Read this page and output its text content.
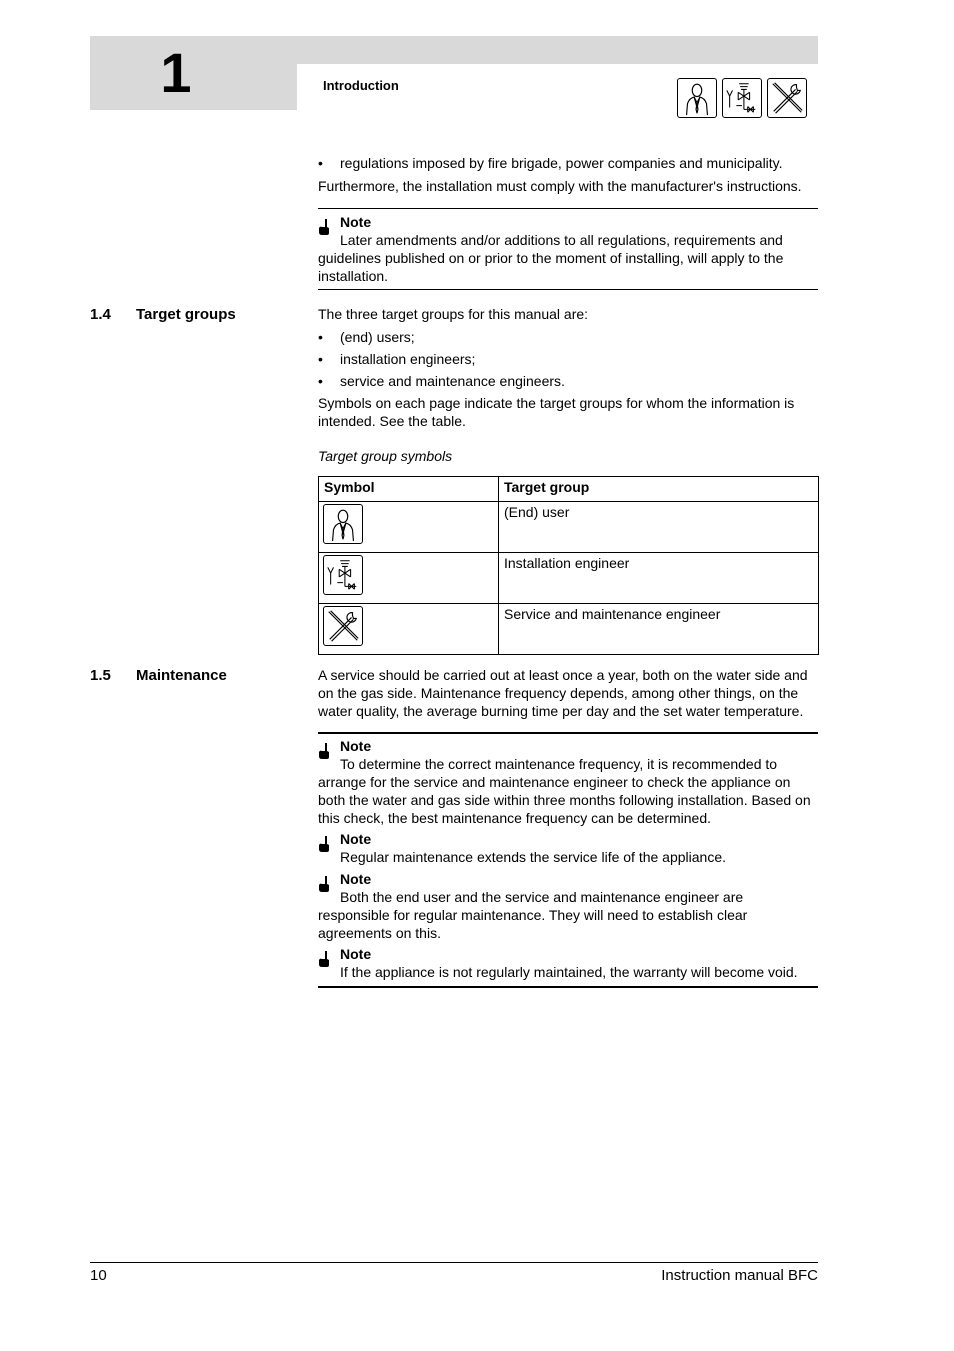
1	Introduction
•	regulations imposed by fire brigade, power companies and municipality.

Furthermore, the installation must comply with the manufacturer's instructions.

Note
Later amendments and/or additions to all regulations, requirements and guidelines published on or prior to the moment of installing, will apply to the installation.
1.4 Target groups	The three target groups for this manual are:

•	(end) users;
•	installation engineers;
•	service and maintenance engineers.

Symbols on each page indicate the target groups for whom the information is intended. See the table.

Target group symbols

Symbol	Target group

	(End) user

	Installation engineer

	Service and maintenance engineer
1.5 Maintenance	A service should be carried out at least once a year, both on the water side and on the gas side. Maintenance frequency depends, among other things, on the water quality, the average burning time per day and the set water temperature.
Note
To determine the correct maintenance frequency, it is recommended to arrange for the service and maintenance engineer to check the appliance on both the water and gas side within three months following installation. Based on this check, the best maintenance frequency can be determined.
Note
Regular maintenance extends the service life of the appliance.
Note
Both the end user and the service and maintenance engineer are responsible for regular maintenance. They will need to establish clear agreements on this.
Note
If the appliance is not regularly maintained, the warranty will become void.
10	Instruction manual BFC
